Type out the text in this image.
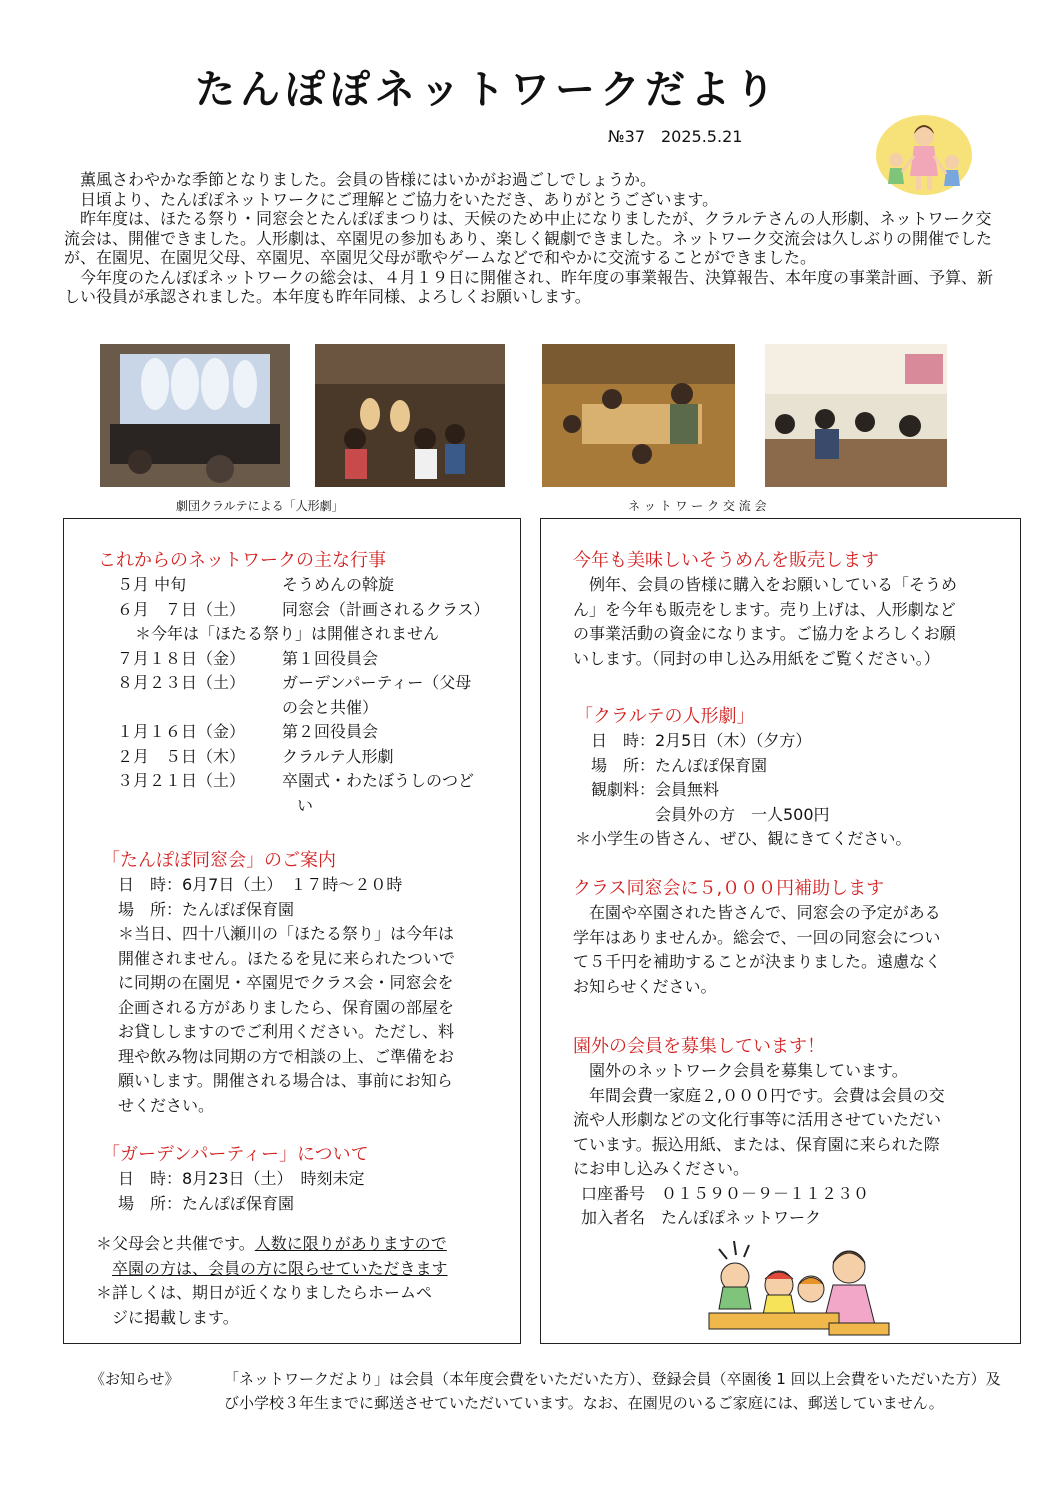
たんぽぽネットワークだより
№37　2025.5.21

薫風さわやかな季節となりました。会員の皆様にはいかがお過ごしでしょうか。

日頃より、たんぽぽネットワークにご理解とご協力をいただき、ありがとうございます。

昨年度は、ほたる祭り・同窓会とたんぽぽまつりは、天候のため中止になりましたが、クラルテさんの人形劇、ネットワーク交流会は、開催できました。人形劇は、卒園児の参加もあり、楽しく観劇できました。ネットワーク交流会は久しぶりの開催でしたが、在園児、在園児父母、卒園児、卒園児父母が歌やゲームなどで和やかに交流することができました。

今年度のたんぽぽネットワークの総会は、４月１９日に開催され、昨年度の事業報告、決算報告、本年度の事業計画、予算、新しい役員が承認されました。本年度も昨年同様、よろしくお願いします。

劇団クラルテによる「人形劇」	ネ ッ ト ワ ー ク 交 流 会
これからのネットワークの主な行事
５月 中旬	そうめんの斡旋
６月　７日（土）	同窓会（計画されるクラス）
＊今年は「ほたる祭り」は開催されません
７月１８日（金）	第１回役員会
８月２３日（土）	ガーデンパーティー（父母
の会と共催）
１月１６日（金）	第２回役員会
２月　５日（木）	クラルテ人形劇
３月２１日（土）	卒園式・わたぼうしのつど
い
「たんぽぽ同窓会」のご案内
日　時：6月7日（土）　１７時～２０時
場　所：たんぽぽ保育園
＊当日、四十八瀬川の「ほたる祭り」は今年は
開催されません。ほたるを見に来られたついで
に同期の在園児・卒園児でクラス会・同窓会を
企画される方がありましたら、保育園の部屋を
お貸ししますのでご利用ください。ただし、料
理や飲み物は同期の方で相談の上、ご準備をお
願いします。開催される場合は、事前にお知ら
せください。
「ガーデンパーティー」について
日　時：8月23日（土）　時刻未定
場　所：たんぽぽ保育園
＊父母会と共催です。人数に限りがありますので
卒園の方は、会員の方に限らせていただきます
＊詳しくは、期日が近くなりましたらホームペ
ジに掲載します。
今年も美味しいそうめんを販売します
例年、会員の皆様に購入をお願いしている「そうめ
ん」を今年も販売をします。売り上げは、人形劇など
の事業活動の資金になります。ご協力をよろしくお願
いします。（同封の申し込み用紙をご覧ください。）
「クラルテの人形劇」
日　時：2月5日（木）（夕方）
場　所：たんぽぽ保育園
観劇料：会員無料
　　　　会員外の方　一人500円
＊小学生の皆さん、ぜひ、観にきてください。
クラス同窓会に５,０００円補助します
在園や卒園された皆さんで、同窓会の予定がある
学年はありませんか。総会で、一回の同窓会につい
て５千円を補助することが決まりました。遠慮なく
お知らせください。
園外の会員を募集しています！
園外のネットワーク会員を募集しています。
年間会費一家庭２,０００円です。会費は会員の交
流や人形劇などの文化行事等に活用させていただい
ています。振込用紙、または、保育園に来られた際
にお申し込みください。
口座番号　０１５９０－９－１１２３０
加入者名　たんぽぽネットワーク
《お知らせ》	「ネットワークだより」は会員（本年度会費をいただいた方）、登録会員（卒園後 1 回以上会費をいただいた方）及び小学校３年生までに郵送させていただいています。なお、在園児のいるご家庭には、郵送していません。
